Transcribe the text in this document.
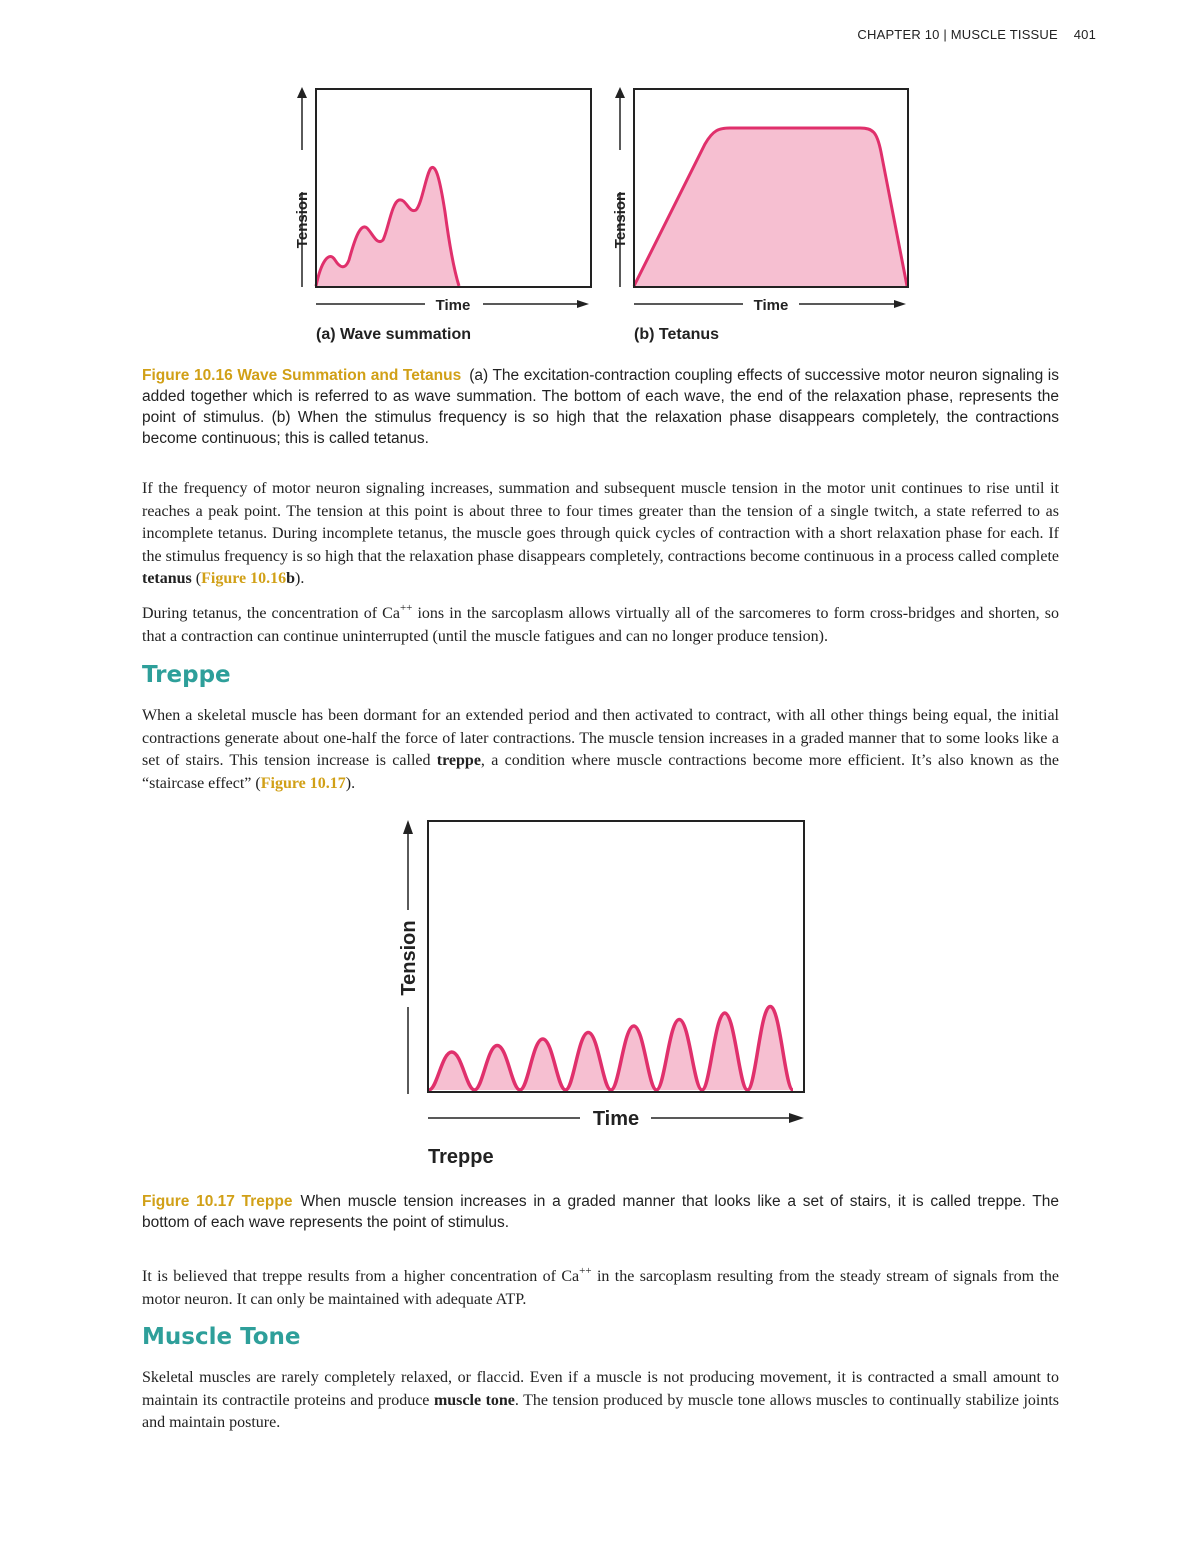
CHAPTER 10 | MUSCLE TISSUE 401
Tension
Time
(a) Wave summation
Tension
Time
(b) Tetanus
Figure 10.16 Wave Summation and Tetanus (a) The excitation-contraction coupling effects of successive motor neuron signaling is added together which is referred to as wave summation. The bottom of each wave, the end of the relaxation phase, represents the point of stimulus. (b) When the stimulus frequency is so high that the relaxation phase disappears completely, the contractions become continuous; this is called tetanus.

If the frequency of motor neuron signaling increases, summation and subsequent muscle tension in the motor unit continues to rise until it reaches a peak point. The tension at this point is about three to four times greater than the tension of a single twitch, a state referred to as incomplete tetanus. During incomplete tetanus, the muscle goes through quick cycles of contraction with a short relaxation phase for each. If the stimulus frequency is so high that the relaxation phase disappears completely, contractions become continuous in a process called complete tetanus (Figure 10.16b).

During tetanus, the concentration of Ca++ ions in the sarcoplasm allows virtually all of the sarcomeres to form cross-bridges and shorten, so that a contraction can continue uninterrupted (until the muscle fatigues and can no longer produce tension).

Treppe

When a skeletal muscle has been dormant for an extended period and then activated to contract, with all other things being equal, the initial contractions generate about one-half the force of later contractions. The muscle tension increases in a graded manner that to some looks like a set of stairs. This tension increase is called treppe, a condition where muscle contractions become more efficient. It’s also known as the “staircase effect” (Figure 10.17).

Tension
Time
Treppe
Figure 10.17 Treppe When muscle tension increases in a graded manner that looks like a set of stairs, it is called treppe. The bottom of each wave represents the point of stimulus.

It is believed that treppe results from a higher concentration of Ca++ in the sarcoplasm resulting from the steady stream of signals from the motor neuron. It can only be maintained with adequate ATP.

Muscle Tone

Skeletal muscles are rarely completely relaxed, or flaccid. Even if a muscle is not producing movement, it is contracted a small amount to maintain its contractile proteins and produce muscle tone. The tension produced by muscle tone allows muscles to continually stabilize joints and maintain posture.
